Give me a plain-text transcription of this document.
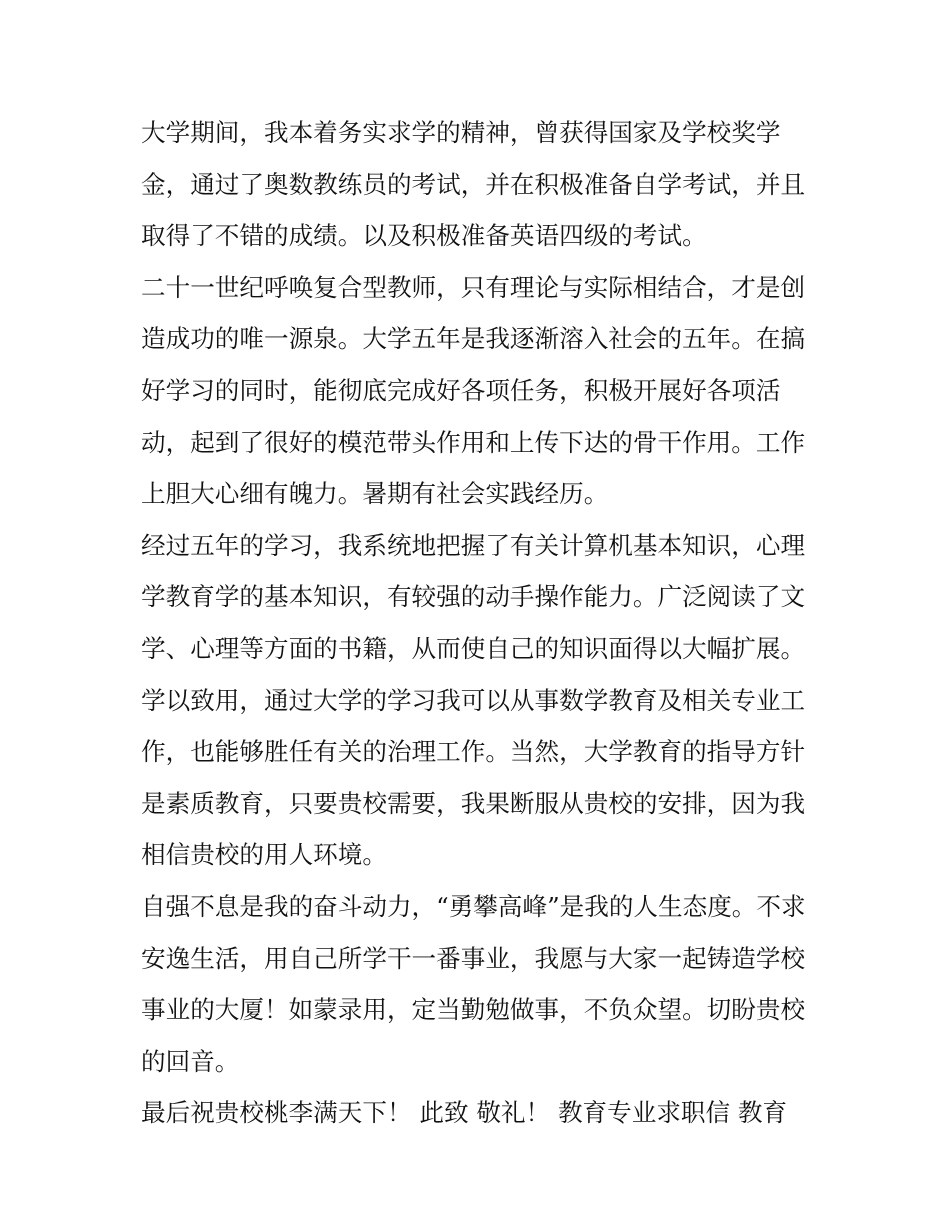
大学期间，我本着务实求学的精神，曾获得国家及学校奖学
金，通过了奥数教练员的考试，并在积极准备自学考试，并且
取得了不错的成绩。以及积极准备英语四级的考试。
二十一世纪呼唤复合型教师，只有理论与实际相结合，才是创
造成功的唯一源泉。大学五年是我逐渐溶入社会的五年。在搞
好学习的同时，能彻底完成好各项任务，积极开展好各项活
动，起到了很好的模范带头作用和上传下达的骨干作用。工作
上胆大心细有魄力。暑期有社会实践经历。
经过五年的学习，我系统地把握了有关计算机基本知识，心理
学教育学的基本知识，有较强的动手操作能力。广泛阅读了文
学、心理等方面的书籍，从而使自己的知识面得以大幅扩展。
学以致用，通过大学的学习我可以从事数学教育及相关专业工
作，也能够胜任有关的治理工作。当然，大学教育的指导方针
是素质教育，只要贵校需要，我果断服从贵校的安排，因为我
相信贵校的用人环境。
自强不息是我的奋斗动力，“勇攀高峰”是我的人生态度。不求
安逸生活，用自己所学干一番事业，我愿与大家一起铸造学校
事业的大厦！如蒙录用，定当勤勉做事，不负众望。切盼贵校
的回音。
最后祝贵校桃李满天下！ 此致 敬礼！ 教育专业求职信 教育
